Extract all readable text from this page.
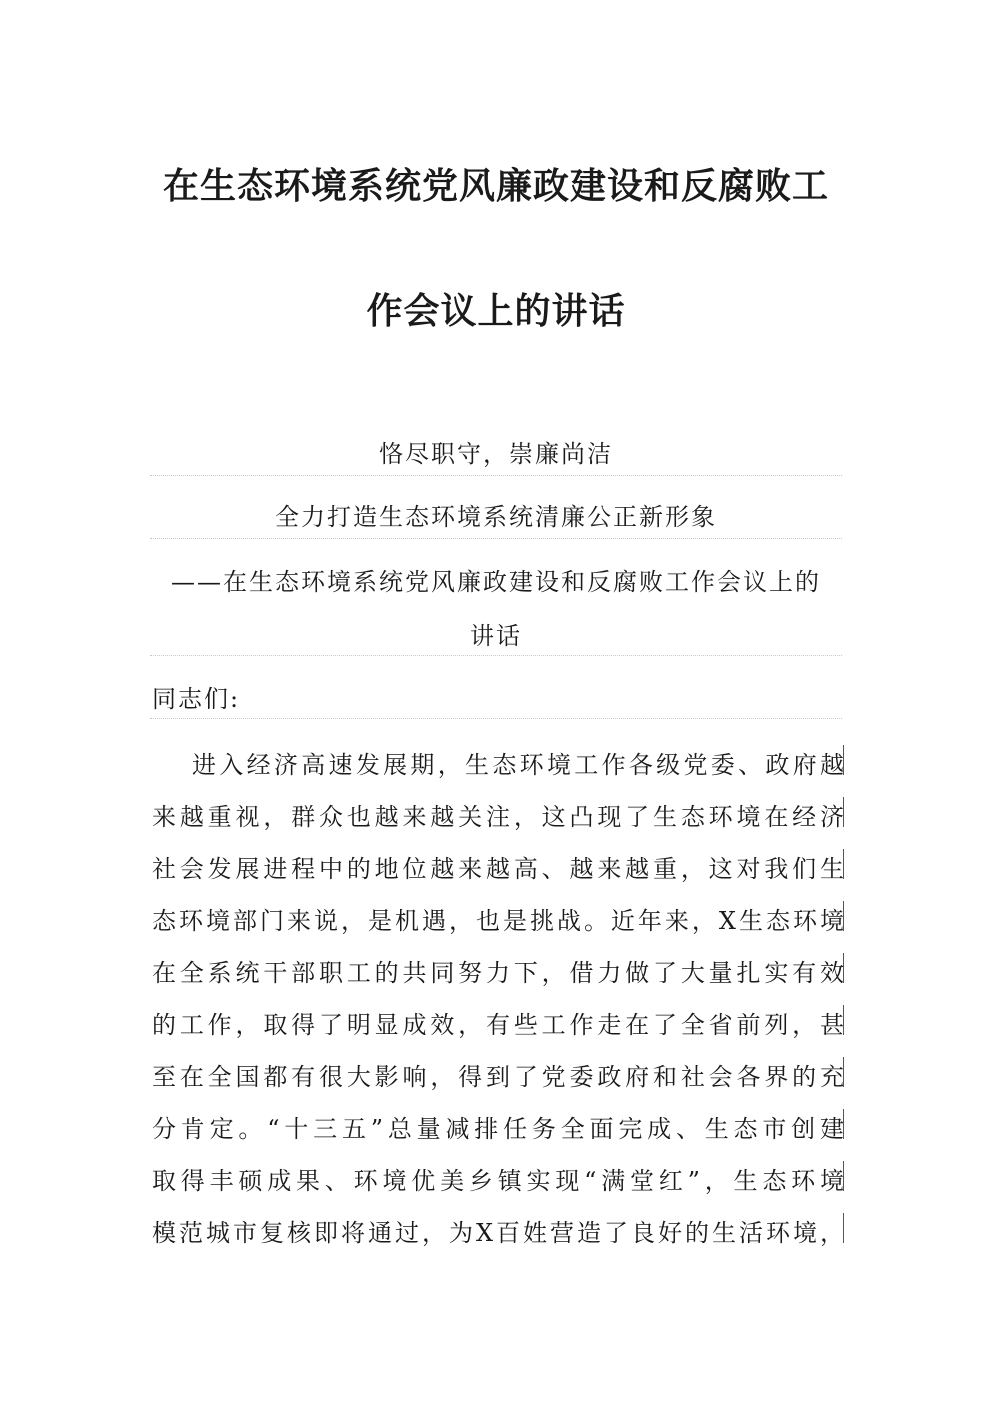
在生态环境系统党风廉政建设和反腐败工
作会议上的讲话
恪尽职守，崇廉尚洁
全力打造生态环境系统清廉公正新形象
——在生态环境系统党风廉政建设和反腐败工作会议上的
讲话
同志们:
进入经济高速发展期，生态环境工作各级党委、政府越
来越重视，群众也越来越关注，这凸现了生态环境在经济
社会发展进程中的地位越来越高、越来越重，这对我们生
态环境部门来说，是机遇，也是挑战。近年来，X生态环境
在全系统干部职工的共同努力下，借力做了大量扎实有效
的工作，取得了明显成效，有些工作走在了全省前列，甚
至在全国都有很大影响，得到了党委政府和社会各界的充
分肯定。“十三五”总量减排任务全面完成、生态市创建
取得丰硕成果、环境优美乡镇实现“满堂红”，生态环境
模范城市复核即将通过，为X百姓营造了良好的生活环境，
